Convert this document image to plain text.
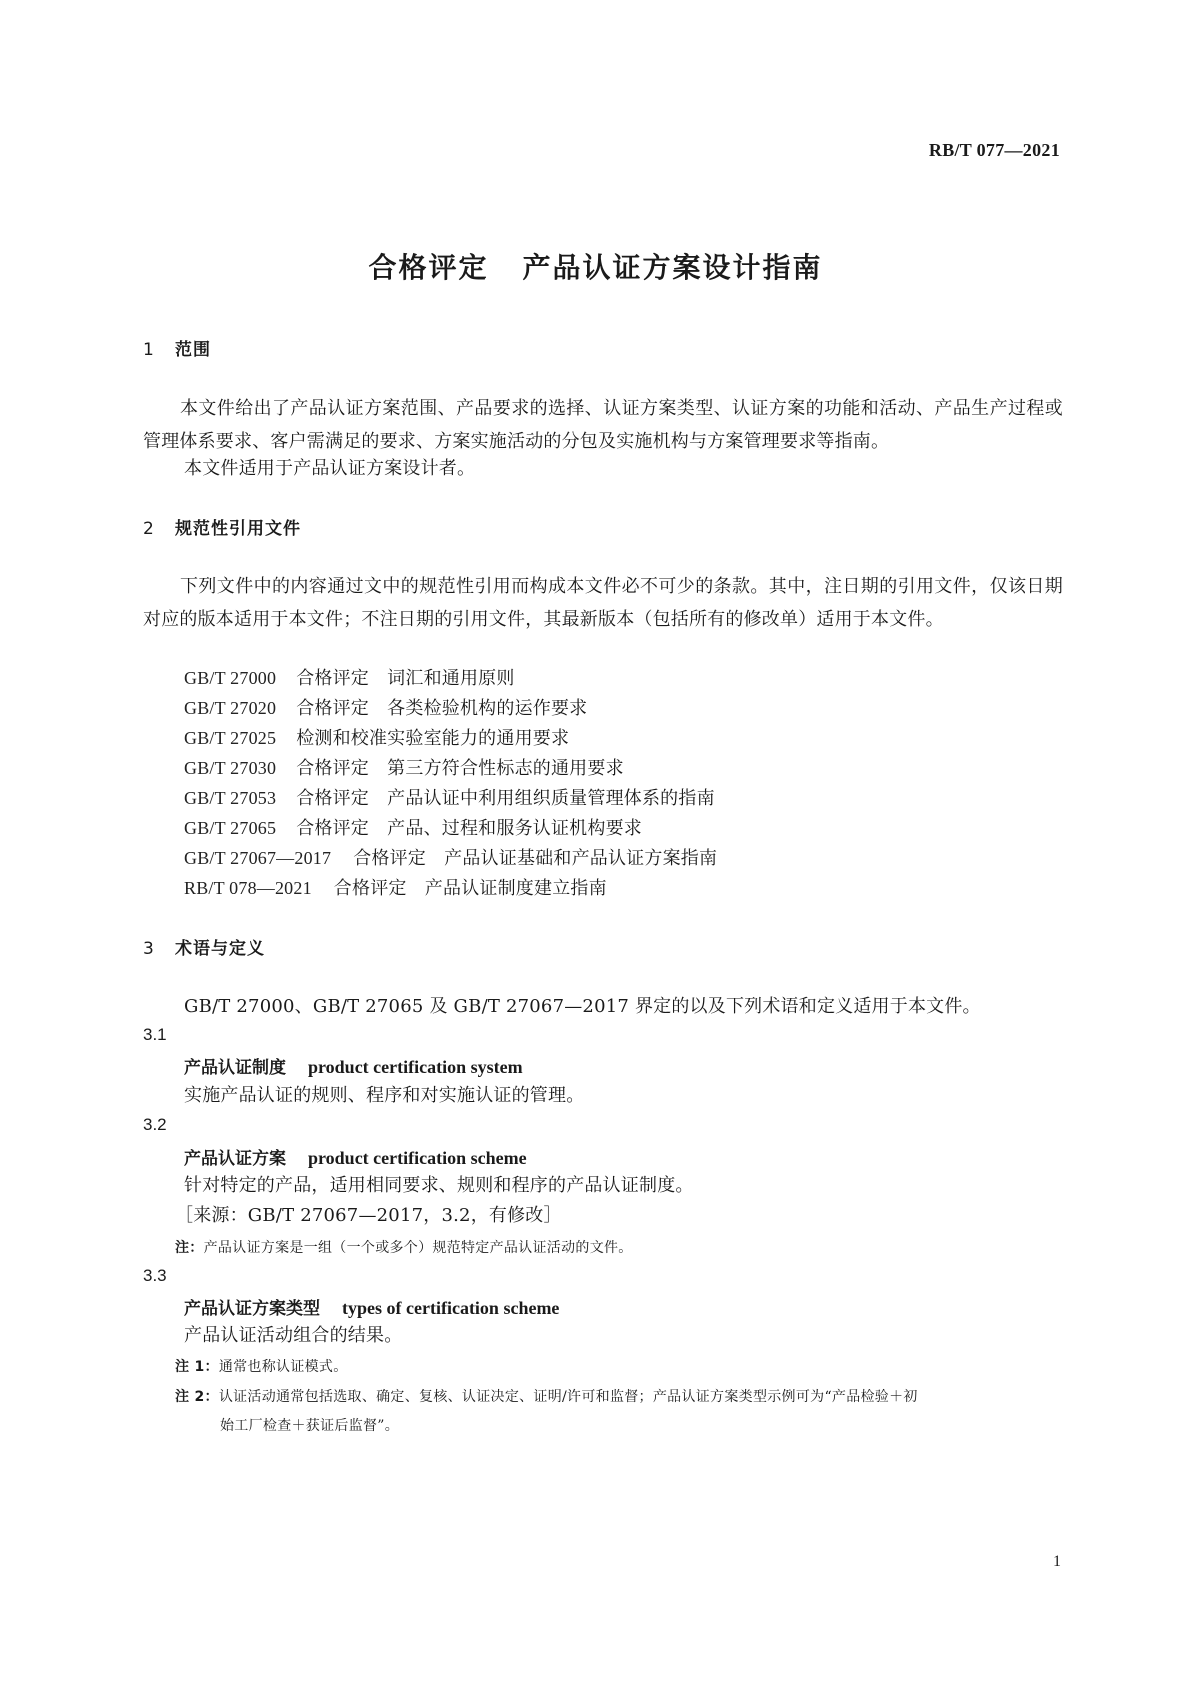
RB/T 077—2021
合格评定 产品认证方案设计指南
1 范围
本文件给出了产品认证方案范围、产品要求的选择、认证方案类型、认证方案的功能和活动、产品生产过程或管理体系要求、客户需满足的要求、方案实施活动的分包及实施机构与方案管理要求等指南。
本文件适用于产品认证方案设计者。
2 规范性引用文件
下列文件中的内容通过文中的规范性引用而构成本文件必不可少的条款。其中，注日期的引用文件，仅该日期对应的版本适用于本文件；不注日期的引用文件，其最新版本（包括所有的修改单）适用于本文件。
GB/T 27000 合格评定　词汇和通用原则
GB/T 27020 合格评定　各类检验机构的运作要求
GB/T 27025 检测和校准实验室能力的通用要求
GB/T 27030 合格评定　第三方符合性标志的通用要求
GB/T 27053 合格评定　产品认证中利用组织质量管理体系的指南
GB/T 27065 合格评定　产品、过程和服务认证机构要求
GB/T 27067—2017 合格评定　产品认证基础和产品认证方案指南
RB/T 078—2021 合格评定　产品认证制度建立指南
3 术语与定义
GB/T 27000、GB/T 27065 及 GB/T 27067—2017 界定的以及下列术语和定义适用于本文件。
3.1
产品认证制度 product certification system
实施产品认证的规则、程序和对实施认证的管理。
3.2
产品认证方案 product certification scheme
针对特定的产品，适用相同要求、规则和程序的产品认证制度。
［来源：GB/T 27067—2017，3.2，有修改］
注：产品认证方案是一组（一个或多个）规范特定产品认证活动的文件。
3.3
产品认证方案类型 types of certification scheme
产品认证活动组合的结果。
注 1：通常也称认证模式。
注 2：认证活动通常包括选取、确定、复核、认证决定、证明/许可和监督；产品认证方案类型示例可为“产品检验＋初
始工厂检查＋获证后监督”。
1
